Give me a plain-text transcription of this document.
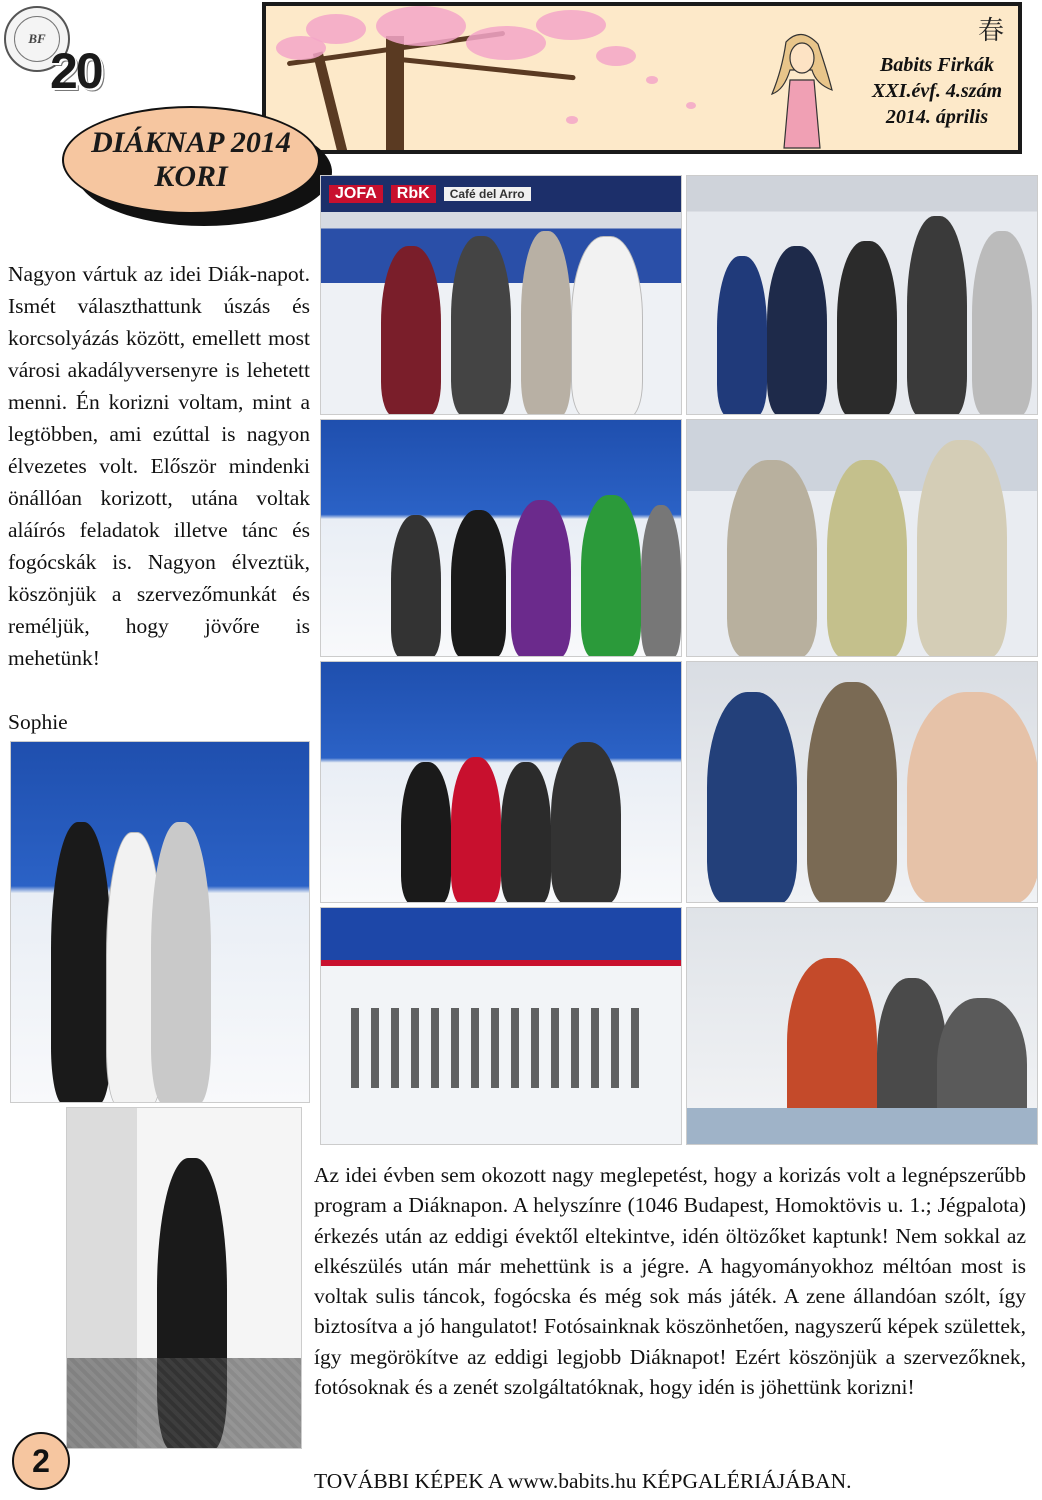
BF
20
春
Babits Firkák
XXI.évf. 4.szám
2014. április
DIÁKNAP 2014
KORI

Nagyon vártuk az idei Diák-napot. Ismét választhattunk úszás és korcsolyázás között, emellett most városi akadályversenyre is lehetett menni. Én korizni voltam, mint a legtöbben, ami ezúttal is nagyon élvezetes volt. Először mindenki önállóan korizott, utána voltak aláírós feladatok illetve tánc és fogócskák is. Nagyon élveztük, köszönjük a szervezőmunkát és reméljük, hogy jövőre is mehetünk!

Sophie
JOFA	RbK	Café del Arro

Az idei évben sem okozott nagy meglepetést, hogy a korizás volt a legnépszerűbb program a Diáknapon. A helyszínre (1046 Budapest, Homoktövis u. 1.; Jégpalota) érkezés után az eddigi évektől eltekintve, idén öltözőket kaptunk! Nem sokkal az elkészülés után már mehettünk is a jégre. A hagyományokhoz méltóan most is voltak sulis táncok, fogócska és még sok más játék. A zene állandóan szólt, így biztosítva a jó hangulatot! Fotósainknak köszönhetően, nagyszerű képek születtek, így megörökítve az eddigi legjobb Diáknapot! Ezért köszönjük a szervezőknek, fotósoknak és a zenét szolgáltatóknak, hogy idén is jöhettünk korizni!

TOVÁBBI KÉPEK A www.babits.hu KÉPGALÉRIÁJÁBAN.
2
